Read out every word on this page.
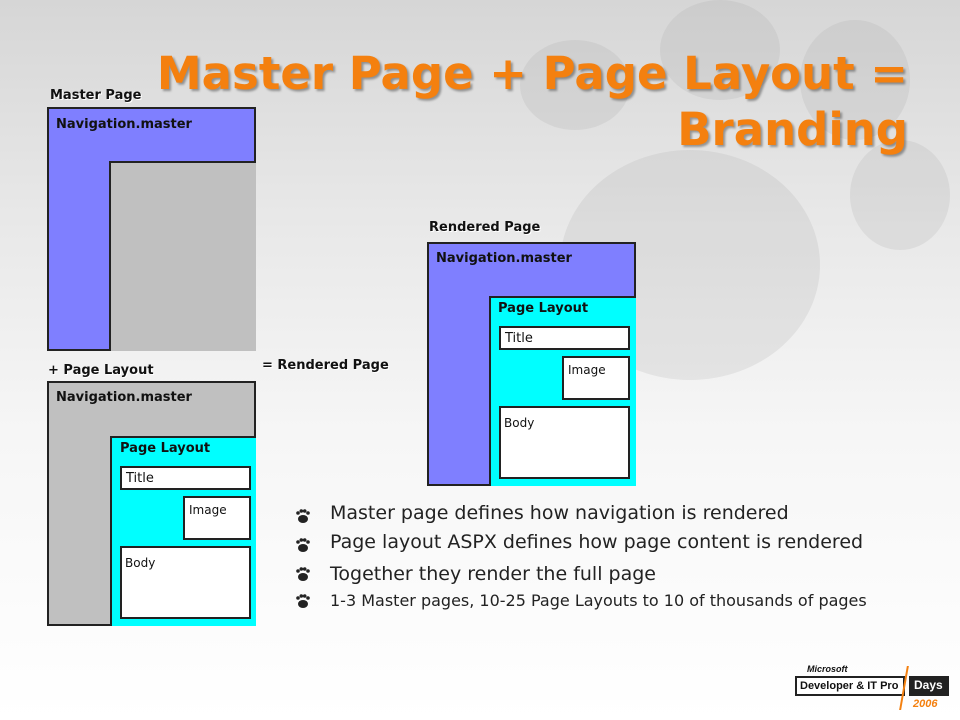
Master Page + Page Layout = Branding
Master Page
Navigation.master
+ Page Layout
Navigation.master
Page Layout
Title
Image
Body
= Rendered Page
Rendered Page
Navigation.master
Page Layout
Title
Image
Body
Master page defines how navigation is rendered
Page layout ASPX defines how page content is rendered
Together they render the full page
1-3 Master pages, 10-25 Page Layouts to 10 of thousands of pages
Microsoft
Developer & IT Pro Days
2006
